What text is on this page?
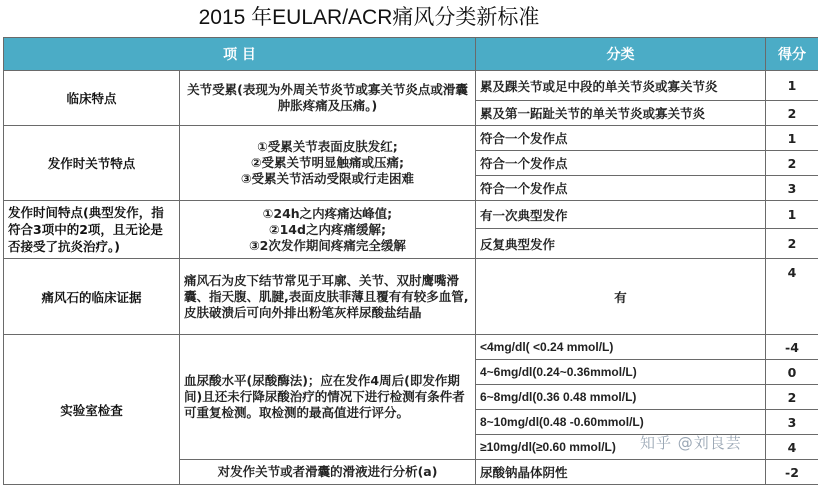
2015 年EULAR/ACR痛风分类新标准
项 目		分类	得分
临床特点	关节受累(表现为外周关节炎节或寡关节炎点或滑囊肿胀疼痛及压痛。)	累及踝关节或足中段的单关节炎或寡关节炎	1
		累及第一跖趾关节的单关节炎或寡关节炎	2
发作时关节特点	①受累关节表面皮肤发红;
②受累关节明显触痛或压痛;
③受累关节活动受限或行走困难	符合一个发作点	1
		符合一个发作点	2
		符合一个发作点	3
发作时间特点(典型发作，指符合3项中的2项，且无论是否接受了抗炎治疗。)	①24h之内疼痛达峰值;
②14d之内疼痛缓解;
③2次发作期间疼痛完全缓解	有一次典型发作	1
		反复典型发作	2
痛风石的临床证据	痛风石为皮下结节常见于耳廓、关节、双肘鹰嘴滑囊、指天腹、肌腱,表面皮肤菲薄且覆有有较多血管,皮肤破溃后可向外排出粉笔灰样尿酸盐结晶	有	4
实验室检查	血尿酸水平(尿酸酶法)；应在发作4周后(即发作期间)且还未行降尿酸治疗的情况下进行检测有条件者可重复检测。取检测的最高值进行评分。	<4mg/dl( <0.24 mmol/L)	-4
		4~6mg/dl(0.24~0.36mmol/L)	0
		6~8mg/dl(0.36 0.48 mmol/L)	2
		8~10mg/dl(0.48 -0.60mmol/L)	3
		≥10mg/dl(≥0.60 mmol/L)	4
	对发作关节或者滑囊的滑液进行分析(a)	尿酸钠晶体阴性	-2
知乎 @刘良芸
